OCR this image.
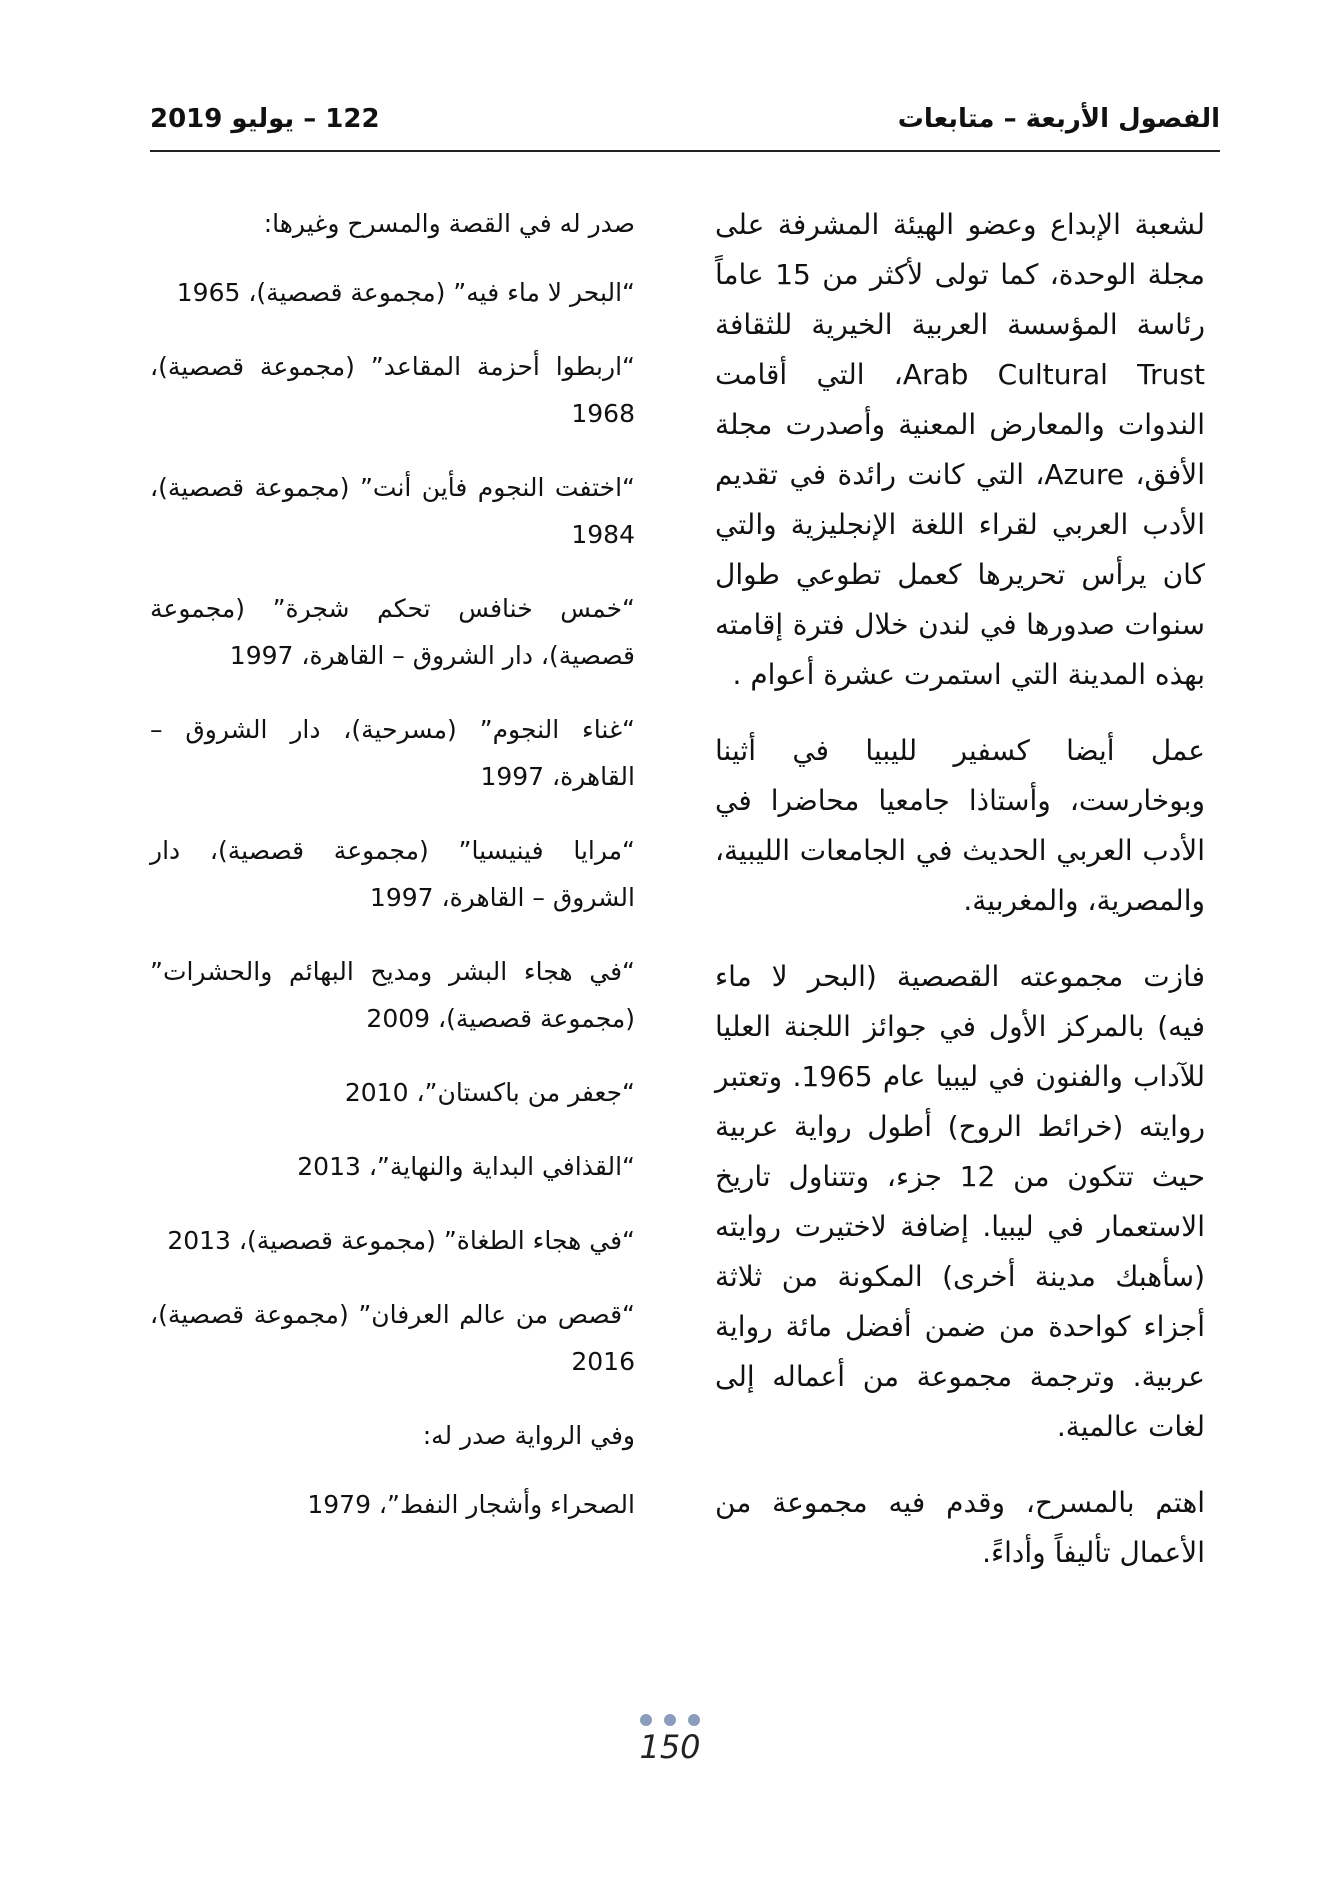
الفصول الأربعة – متابعات
122 – يوليو 2019

لشعبة الإبداع وعضو الهيئة المشرفة على مجلة الوحدة، كما تولى لأكثر من 15 عاماً رئاسة المؤسسة العربية الخيرية للثقافة Arab Cultural Trust، التي أقامت الندوات والمعارض المعنية وأصدرت مجلة الأفق، Azure، التي كانت رائدة في تقديم الأدب العربي لقراء اللغة الإنجليزية والتي كان يرأس تحريرها كعمل تطوعي طوال سنوات صدورها في لندن خلال فترة إقامته بهذه المدينة التي استمرت عشرة أعوام .

عمل أيضا كسفير لليبيا في أثينا وبوخارست، وأستاذا جامعيا محاضرا في الأدب العربي الحديث في الجامعات الليبية، والمصرية، والمغربية.

فازت مجموعته القصصية (البحر لا ماء فيه) بالمركز الأول في جوائز اللجنة العليا للآداب والفنون في ليبيا عام 1965. وتعتبر روايته (خرائط الروح) أطول رواية عربية حيث تتكون من 12 جزء، وتتناول تاريخ الاستعمار في ليبيا. إضافة لاختيرت روايته (سأهبك مدينة أخرى) المكونة من ثلاثة أجزاء كواحدة من ضمن أفضل مائة رواية عربية. وترجمة مجموعة من أعماله إلى لغات عالمية.

اهتم بالمسرح، وقدم فيه مجموعة من الأعمال تأليفاً وأداءً.

صدر له في القصة والمسرح وغيرها:

“البحر لا ماء فيه” (مجموعة قصصية)، 1965

“اربطوا أحزمة المقاعد” (مجموعة قصصية)، 1968

“اختفت النجوم فأين أنت” (مجموعة قصصية)، 1984

“خمس خنافس تحكم شجرة” (مجموعة قصصية)، دار الشروق – القاهرة، 1997

“غناء النجوم” (مسرحية)، دار الشروق – القاهرة، 1997

“مرايا فينيسيا” (مجموعة قصصية)، دار الشروق – القاهرة، 1997

“في هجاء البشر ومديح البهائم والحشرات” (مجموعة قصصية)، 2009

“جعفر من باكستان”، 2010

“القذافي البداية والنهاية”، 2013

“في هجاء الطغاة” (مجموعة قصصية)، 2013

“قصص من عالم العرفان” (مجموعة قصصية)، 2016

وفي الرواية صدر له:

الصحراء وأشجار النفط”، 1979

150
